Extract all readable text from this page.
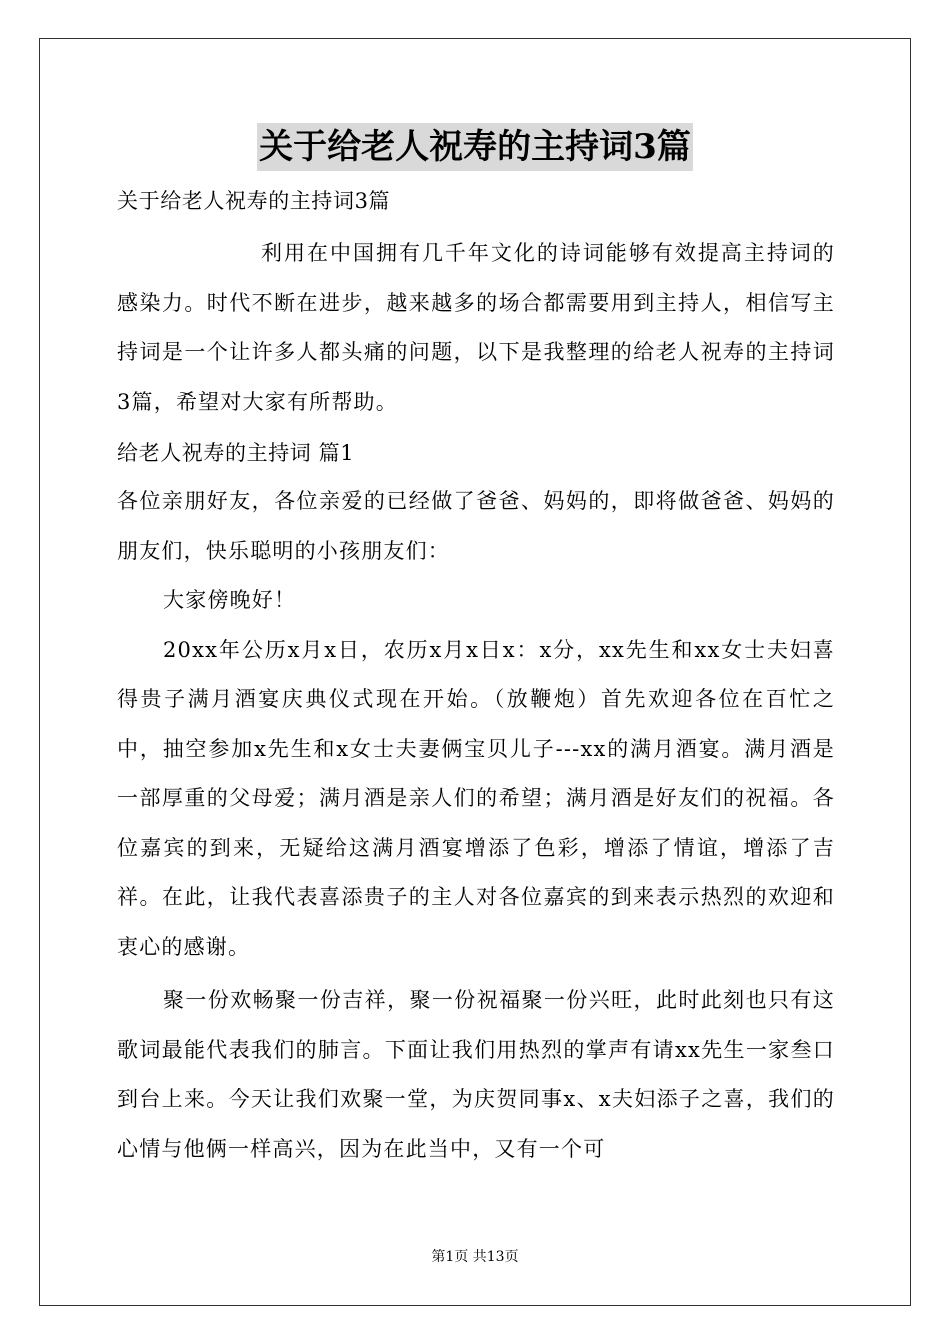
关于给老人祝寿的主持词3篇
关于给老人祝寿的主持词3篇

利用在中国拥有几千年文化的诗词能够有效提高主持词的感染力。时代不断在进步，越来越多的场合都需要用到主持人，相信写主持词是一个让许多人都头痛的问题，以下是我整理的给老人祝寿的主持词3篇，希望对大家有所帮助。

给老人祝寿的主持词 篇1

各位亲朋好友，各位亲爱的已经做了爸爸、妈妈的，即将做爸爸、妈妈的朋友们，快乐聪明的小孩朋友们：

大家傍晚好！

20xx年公历x月x日，农历x月x日x：x分，xx先生和xx女士夫妇喜得贵子满月酒宴庆典仪式现在开始。（放鞭炮）首先欢迎各位在百忙之中，抽空参加x先生和x女士夫妻俩宝贝儿子---xx的满月酒宴。满月酒是一部厚重的父母爱；满月酒是亲人们的希望；满月酒是好友们的祝福。各位嘉宾的到来，无疑给这满月酒宴增添了色彩，增添了情谊，增添了吉祥。在此，让我代表喜添贵子的主人对各位嘉宾的到来表示热烈的欢迎和衷心的感谢。

聚一份欢畅聚一份吉祥，聚一份祝福聚一份兴旺，此时此刻也只有这歌词最能代表我们的肺言。下面让我们用热烈的掌声有请xx先生一家叁口到台上来。今天让我们欢聚一堂，为庆贺同事x、x夫妇添子之喜，我们的心情与他俩一样高兴，因为在此当中，又有一个可

第1页 共13页
